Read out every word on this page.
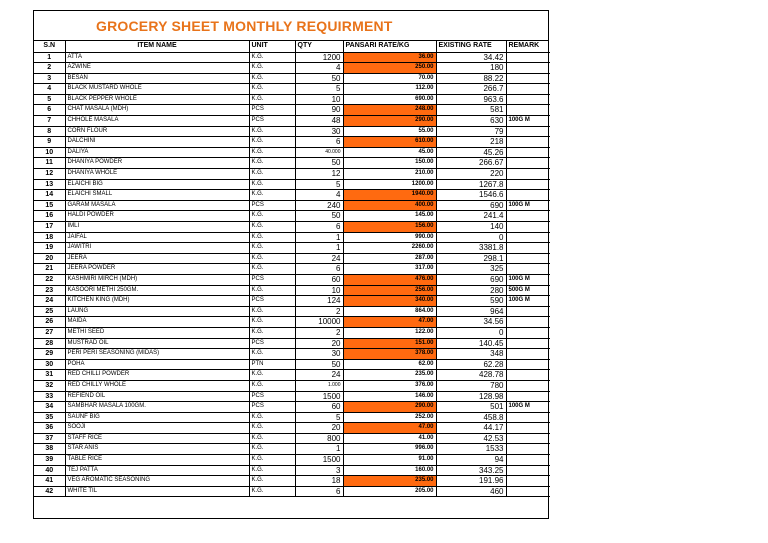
GROCERY SHEET MONTHLY REQUIRMENT
S.N	ITEM NAME	UNIT	QTY	PANSARI RATE/KG	EXISTING RATE	REMARK
1	ATTA	K.G.	1200	36.00	34.42	
2	AZWINE	K.G.	4	250.00	180	
3	BESAN	K.G.	50	70.00	88.22	
4	BLACK MUSTARD WHOLE	K.G.	5	112.00	266.7	
5	BLACK PEPPER WHOLE	K.G.	10	690.00	963.6	
6	CHAT MASALA (MDH)	PCS	90	248.00	581	
7	CHHOLE MASALA	PCS	48	290.00	630	100G M
8	CORN FLOUR	K.G.	30	55.00	79	
9	DALCHINI	K.G.	6	610.00	218	
10	DALIYA	K.G.	40.000	45.00	45.26	
11	DHANIYA POWDER	K.G.	50	150.00	266.67	
12	DHANIYA WHOLE	K.G.	12	210.00	220	
13	ELAICHI BIG	K.G.	5	1200.00	1267.8	
14	ELAICHI SMALL	K.G.	4	1940.00	1546.6	
15	GARAM MASALA	PCS	240	400.00	690	100G M
16	HALDI POWDER	K.G.	50	145.00	241.4	
17	IMLI	K.G.	6	156.00	140	
18	JAIFAL	K.G.	1	990.00	0	
19	JAWITRI	K.G.	1	2260.00	3381.8	
20	JEERA	K.G.	24	287.00	298.1	
21	JEERA POWDER	K.G.	6	317.00	325	
22	KASHMIRI MIRCH (MDH)	PCS	60	476.00	690	100G M
23	KASOORI METHI 250GM.	K.G.	10	256.00	280	500G M
24	KITCHEN KING (MDH)	PCS	124	340.00	590	100G M
25	LAUNG	K.G.	2	864.00	964	
26	MAIDA	K.G.	10000	47.00	34.56	
27	METHI SEED	K.G.	2	122.00	0	
28	MUSTRAD OIL	PCS	20	151.00	140.45	
29	PERI PERI SEASONING (MIDAS)	K.G.	30	378.00	348	
30	POHA	PTN	50	62.00	62.28	
31	RED CHILLI POWDER	K.G.	24	235.00	428.78	
32	RED CHILLY WHOLE	K.G.	1.000	376.00	780	
33	REFIEND OIL	PCS	1500	146.00	128.98	
34	SAMBHAR MASALA 100GM.	PCS	60	290.00	501	100G M
35	SAUNF BIG	K.G.	5	252.00	458.8	
36	SOOJI	K.G.	20	47.00	44.17	
37	STAFF RICE	K.G.	800	41.00	42.53	
38	STAR ANIS	K.G.	1	996.00	1533	
39	TABLE RICE	K.G.	1500	91.00	94	
40	TEJ PATTA	K.G.	3	160.00	343.25	
41	VEG AROMATIC SEASONING	K.G.	18	235.00	191.96	
42	WHITE TIL	K.G.	6	205.00	460	
